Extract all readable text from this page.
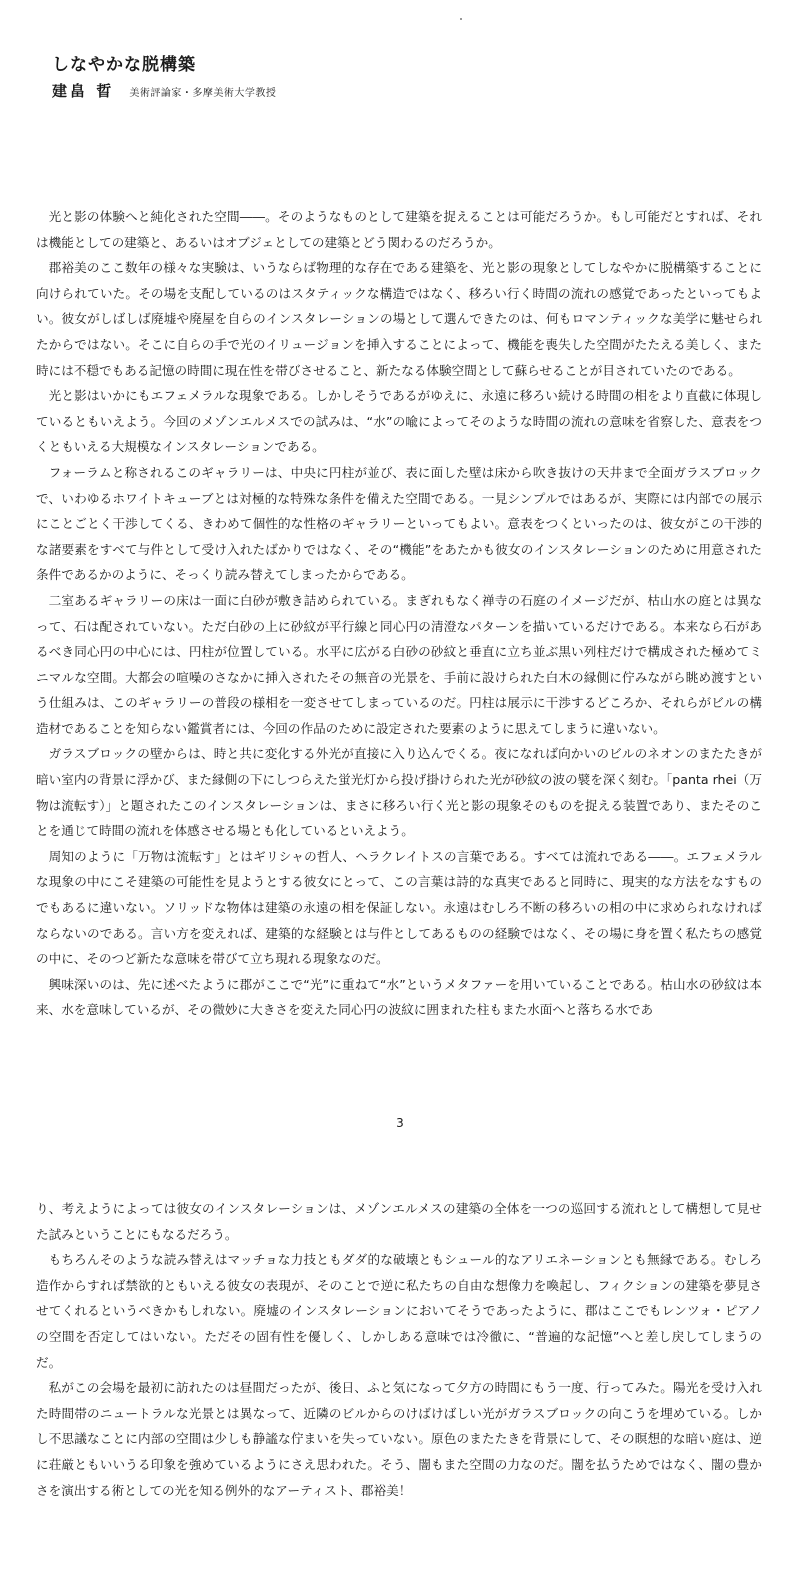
しなやかな脱構築
建畠 晢 美術評論家・多摩美術大学教授

光と影の体験へと純化された空間――。そのようなものとして建築を捉えることは可能だろうか。もし可能だとすれば、それは機能としての建築と、あるいはオブジェとしての建築とどう関わるのだろうか。

郡裕美のここ数年の様々な実験は、いうならば物理的な存在である建築を、光と影の現象としてしなやかに脱構築することに向けられていた。その場を支配しているのはスタティックな構造ではなく、移ろい行く時間の流れの感覚であったといってもよい。彼女がしばしば廃墟や廃屋を自らのインスタレーションの場として選んできたのは、何もロマンティックな美学に魅せられたからではない。そこに自らの手で光のイリュージョンを挿入することによって、機能を喪失した空間がたたえる美しく、また時には不穏でもある記憶の時間に現在性を帯びさせること、新たなる体験空間として蘇らせることが目されていたのである。

光と影はいかにもエフェメラルな現象である。しかしそうであるがゆえに、永遠に移ろい続ける時間の相をより直截に体現しているともいえよう。今回のメゾンエルメスでの試みは、“水”の喩によってそのような時間の流れの意味を省察した、意表をつくともいえる大規模なインスタレーションである。

フォーラムと称されるこのギャラリーは、中央に円柱が並び、表に面した壁は床から吹き抜けの天井まで全面ガラスブロックで、いわゆるホワイトキューブとは対極的な特殊な条件を備えた空間である。一見シンプルではあるが、実際には内部での展示にことごとく干渉してくる、きわめて個性的な性格のギャラリーといってもよい。意表をつくといったのは、彼女がこの干渉的な諸要素をすべて与件として受け入れたばかりではなく、その“機能”をあたかも彼女のインスタレーションのために用意された条件であるかのように、そっくり読み替えてしまったからである。

二室あるギャラリーの床は一面に白砂が敷き詰められている。まぎれもなく禅寺の石庭のイメージだが、枯山水の庭とは異なって、石は配されていない。ただ白砂の上に砂紋が平行線と同心円の清澄なパターンを描いているだけである。本来なら石があるべき同心円の中心には、円柱が位置している。水平に広がる白砂の砂紋と垂直に立ち並ぶ黒い列柱だけで構成された極めてミニマルな空間。大都会の喧噪のさなかに挿入されたその無音の光景を、手前に設けられた白木の縁側に佇みながら眺め渡すという仕組みは、このギャラリーの普段の様相を一変させてしまっているのだ。円柱は展示に干渉するどころか、それらがビルの構造材であることを知らない鑑賞者には、今回の作品のために設定された要素のように思えてしまうに違いない。

ガラスブロックの壁からは、時と共に変化する外光が直接に入り込んでくる。夜になれば向かいのビルのネオンのまたたきが暗い室内の背景に浮かび、また縁側の下にしつらえた蛍光灯から投げ掛けられた光が砂紋の波の襞を深く刻む。「panta rhei（万物は流転す）」と題されたこのインスタレーションは、まさに移ろい行く光と影の現象そのものを捉える装置であり、またそのことを通じて時間の流れを体感させる場とも化しているといえよう。

周知のように「万物は流転す」とはギリシャの哲人、ヘラクレイトスの言葉である。すべては流れである――。エフェメラルな現象の中にこそ建築の可能性を見ようとする彼女にとって、この言葉は詩的な真実であると同時に、現実的な方法をなすものでもあるに違いない。ソリッドな物体は建築の永遠の相を保証しない。永遠はむしろ不断の移ろいの相の中に求められなければならないのである。言い方を変えれば、建築的な経験とは与件としてあるものの経験ではなく、その場に身を置く私たちの感覚の中に、そのつど新たな意味を帯びて立ち現れる現象なのだ。

興味深いのは、先に述べたように郡がここで“光”に重ねて“水”というメタファーを用いていることである。枯山水の砂紋は本来、水を意味しているが、その微妙に大きさを変えた同心円の波紋に囲まれた柱もまた水面へと落ちる水であ

3

り、考えようによっては彼女のインスタレーションは、メゾンエルメスの建築の全体を一つの巡回する流れとして構想して見せた試みということにもなるだろう。

もちろんそのような読み替えはマッチョな力技ともダダ的な破壊ともシュール的なアリエネーションとも無縁である。むしろ造作からすれば禁欲的ともいえる彼女の表現が、そのことで逆に私たちの自由な想像力を喚起し、フィクションの建築を夢見させてくれるというべきかもしれない。廃墟のインスタレーションにおいてそうであったように、郡はここでもレンツォ・ピアノの空間を否定してはいない。ただその固有性を優しく、しかしある意味では冷徹に、“普遍的な記憶”へと差し戻してしまうのだ。

私がこの会場を最初に訪れたのは昼間だったが、後日、ふと気になって夕方の時間にもう一度、行ってみた。陽光を受け入れた時間帯のニュートラルな光景とは異なって、近隣のビルからのけばけばしい光がガラスブロックの向こうを埋めている。しかし不思議なことに内部の空間は少しも静謐な佇まいを失っていない。原色のまたたきを背景にして、その瞑想的な暗い庭は、逆に荘厳ともいいうる印象を強めているようにさえ思われた。そう、闇もまた空間の力なのだ。闇を払うためではなく、闇の豊かさを演出する術としての光を知る例外的なアーティスト、郡裕美！
